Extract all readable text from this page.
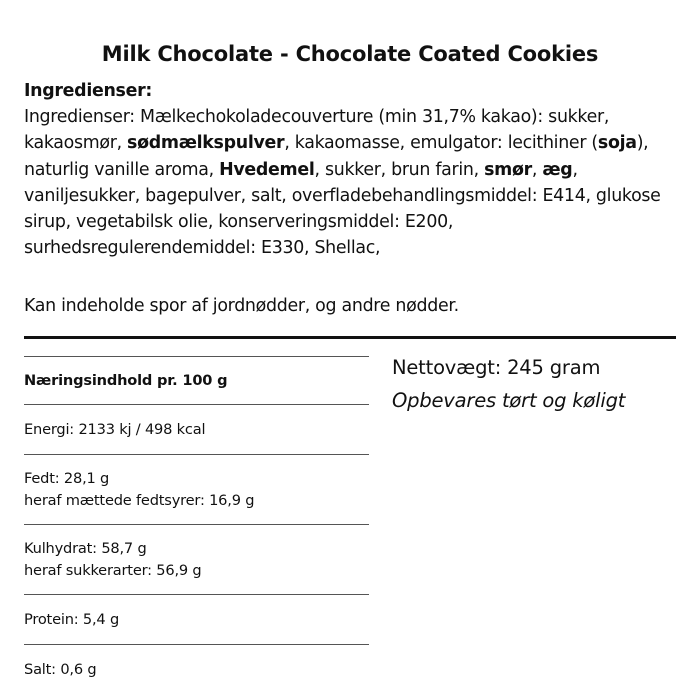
Milk Chocolate - Chocolate Coated Cookies
Ingredienser:
Ingredienser: Mælkechokoladecouverture (min 31,7% kakao): sukker, kakaosmør, sødmælkspulver, kakaomasse, emulgator: lecithiner (soja), naturlig vanille aroma, Hvedemel, sukker, brun farin, smør, æg, vaniljesukker, bagepulver, salt, overfladebehandlingsmiddel: E414, glukose sirup, vegetabilsk olie, konserveringsmiddel: E200, surhedsregulerendemiddel: E330, Shellac,
Kan indeholde spor af jordnødder, og andre nødder.
Næringsindhold pr. 100 g
Energi: 2133 kj / 498 kcal
Fedt: 28,1 g
heraf mættede fedtsyrer: 16,9 g
Kulhydrat: 58,7 g
heraf sukkerarter: 56,9 g
Protein: 5,4 g
Salt: 0,6 g
Nettovægt: 245 gram
Opbevares tørt og køligt
